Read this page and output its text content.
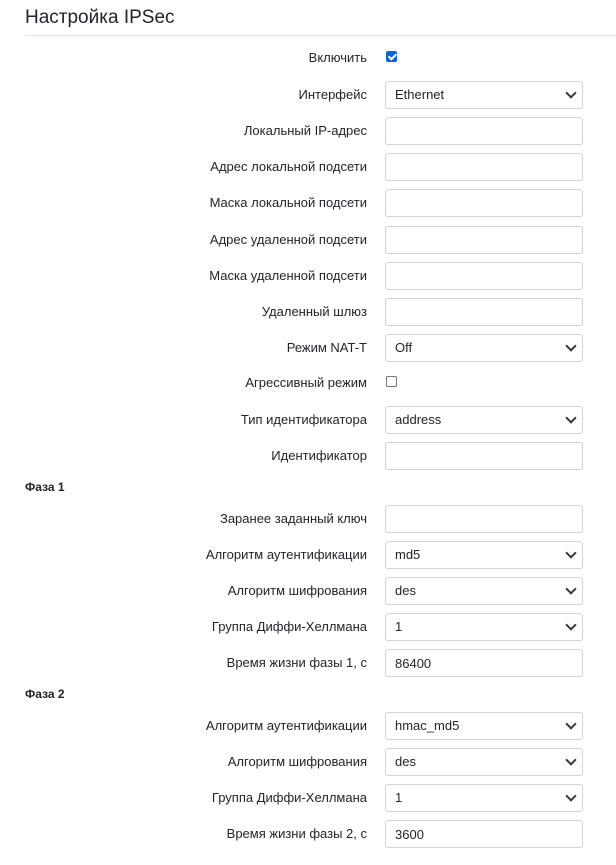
Настройка IPSec
Включить
Интерфейс Ethernet
Локальный IP-адрес
Адрес локальной подсети
Маска локальной подсети
Адрес удаленной подсети
Маска удаленной подсети
Удаленный шлюз
Режим NAT-T Off
Агрессивный режим
Тип идентификатора address
Идентификатор
Фаза 1
Заранее заданный ключ
Алгоритм аутентификации md5
Алгоритм шифрования des
Группа Диффи-Хеллмана 1
Время жизни фазы 1, с
86400
Фаза 2
Алгоритм аутентификации hmac_md5
Алгоритм шифрования des
Группа Диффи-Хеллмана 1
Время жизни фазы 2, с
3600
